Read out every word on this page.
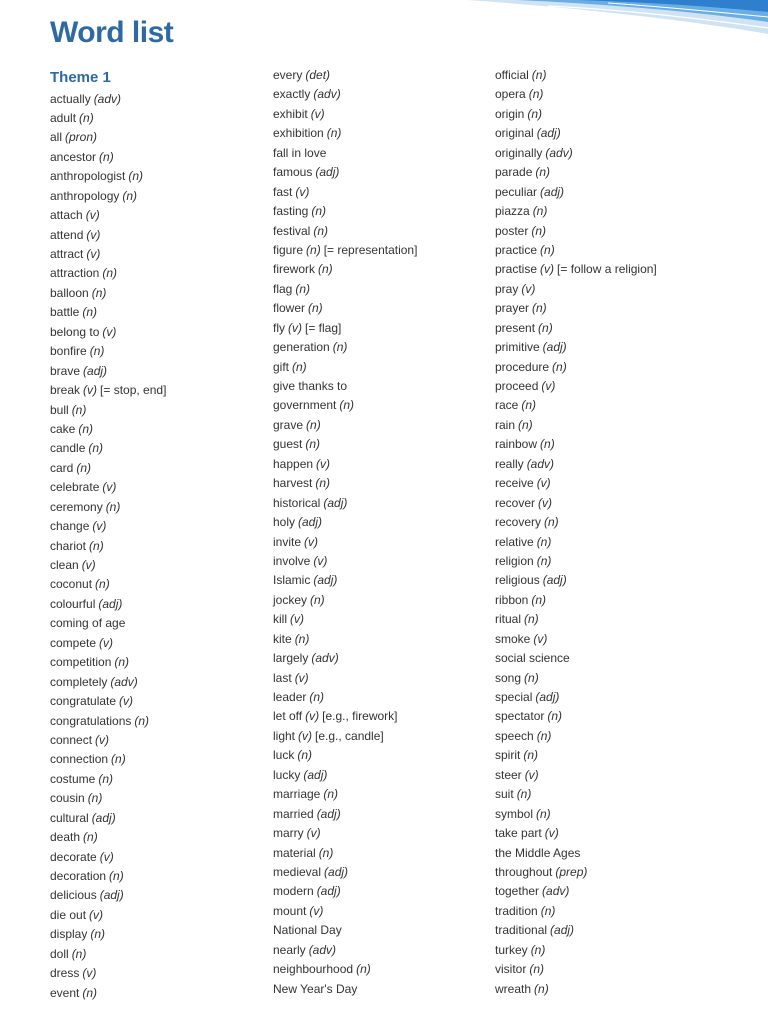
Word list
Theme 1
actually (adv)
adult (n)
all (pron)
ancestor (n)
anthropologist (n)
anthropology (n)
attach (v)
attend (v)
attract (v)
attraction (n)
balloon (n)
battle (n)
belong to (v)
bonfire (n)
brave (adj)
break (v) [= stop, end]
bull (n)
cake (n)
candle (n)
card (n)
celebrate (v)
ceremony (n)
change (v)
chariot (n)
clean (v)
coconut (n)
colourful (adj)
coming of age
compete (v)
competition (n)
completely (adv)
congratulate (v)
congratulations (n)
connect (v)
connection (n)
costume (n)
cousin (n)
cultural (adj)
death (n)
decorate (v)
decoration (n)
delicious (adj)
die out (v)
display (n)
doll (n)
dress (v)
event (n)
every (det)
exactly (adv)
exhibit (v)
exhibition (n)
fall in love
famous (adj)
fast (v)
fasting (n)
festival (n)
figure (n) [= representation]
firework (n)
flag (n)
flower (n)
fly (v) [= flag]
generation (n)
gift (n)
give thanks to
government (n)
grave (n)
guest (n)
happen (v)
harvest (n)
historical (adj)
holy (adj)
invite (v)
involve (v)
Islamic (adj)
jockey (n)
kill (v)
kite (n)
largely (adv)
last (v)
leader (n)
let off (v) [e.g., firework]
light (v) [e.g., candle]
luck (n)
lucky (adj)
marriage (n)
married (adj)
marry (v)
material (n)
medieval (adj)
modern (adj)
mount (v)
National Day
nearly (adv)
neighbourhood (n)
New Year's Day
official (n)
opera (n)
origin (n)
original (adj)
originally (adv)
parade (n)
peculiar (adj)
piazza (n)
poster (n)
practice (n)
practise (v) [= follow a religion]
pray (v)
prayer (n)
present (n)
primitive (adj)
procedure (n)
proceed (v)
race (n)
rain (n)
rainbow (n)
really (adv)
receive (v)
recover (v)
recovery (n)
relative (n)
religion (n)
religious (adj)
ribbon (n)
ritual (n)
smoke (v)
social science
song (n)
special (adj)
spectator (n)
speech (n)
spirit (n)
steer (v)
suit (n)
symbol (n)
take part (v)
the Middle Ages
throughout (prep)
together (adv)
tradition (n)
traditional (adj)
turkey (n)
visitor (n)
wreath (n)
